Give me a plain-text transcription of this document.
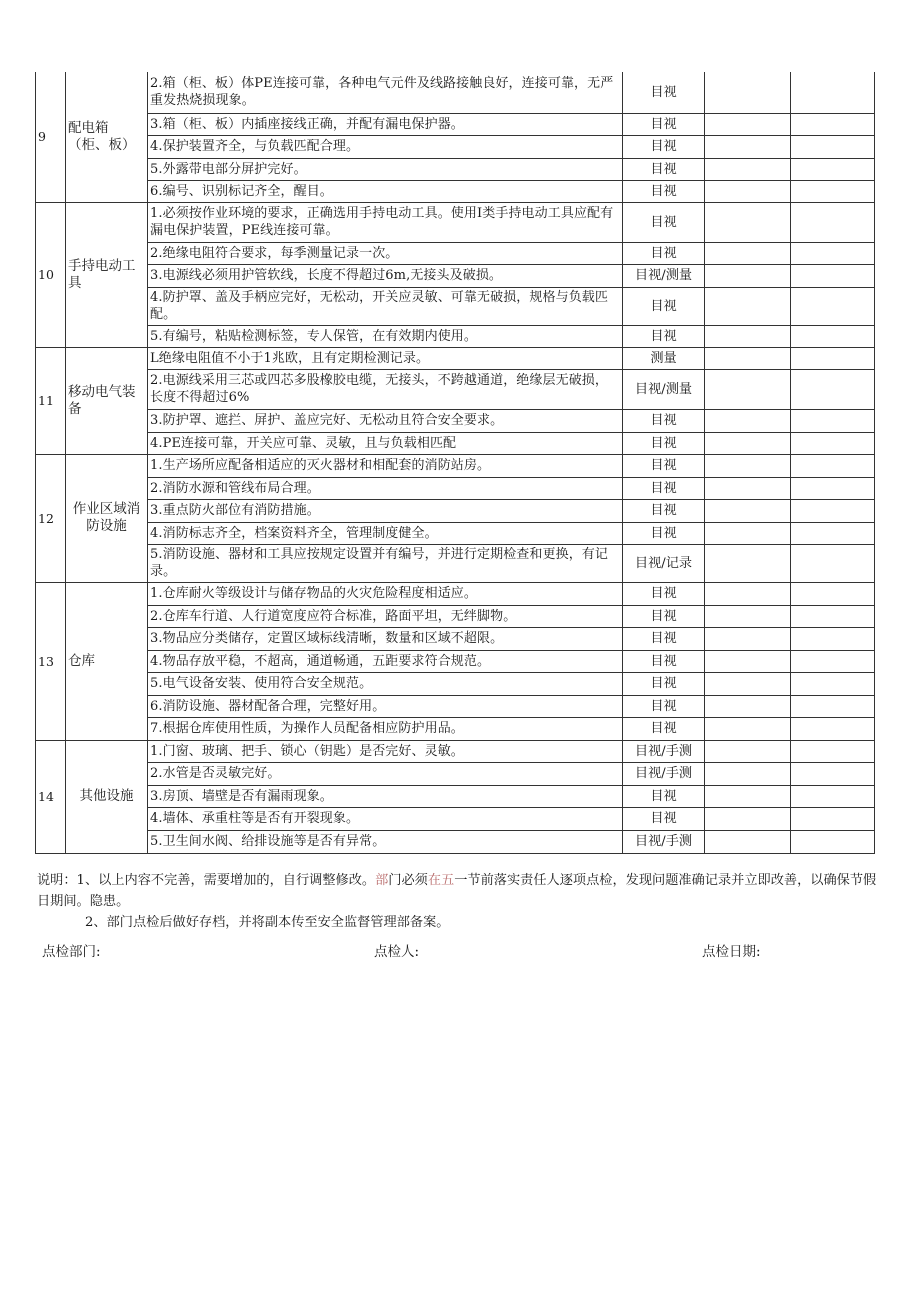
9	配电箱（柜、板）	2.箱（柜、板）体PE连接可靠，各种电气元件及线路接触良好，连接可靠，无严重发热烧损现象。	目视		
		3.箱（柜、板）内插座接线正确，并配有漏电保护器。	目视		
		4.保护装置齐全，与负载匹配合理。	目视		
		5.外露带电部分屏护完好。	目视		
		6.编号、识别标记齐全，醒目。	目视		
10	手持电动工具	1.必须按作业环境的要求，正确选用手持电动工具。使用I类手持电动工具应配有漏电保护装置，PE线连接可靠。	目视		
		2.绝缘电阻符合要求，每季测量记录一次。	目视		
		3.电源线必须用护管软线，长度不得超过6m,无接头及破损。	目视/测量		
		4.防护罩、盖及手柄应完好，无松动，开关应灵敏、可靠无破损，规格与负载匹配。	目视		
		5.有编号，粘贴检测标签，专人保管，在有效期内使用。	目视		
11	移动电气装备	L绝缘电阻值不小于1兆欧，且有定期检测记录。	测量		
		2.电源线采用三芯或四芯多股橡胶电缆，无接头，不跨越通道，绝缘层无破损，长度不得超过6%	目视/测量		
		3.防护罩、遮拦、屏护、盖应完好、无松动且符合安全要求。	目视		
		4.PE连接可靠，开关应可靠、灵敏，且与负载相匹配	目视		
12	作业区域消防设施	1.生产场所应配备相适应的灭火器材和相配套的消防站房。	目视		
		2.消防水源和管线布局合理。	目视		
		3.重点防火部位有消防措施。	目视		
		4.消防标志齐全，档案资料齐全，管理制度健全。	目视		
		5.消防设施、器材和工具应按规定设置并有编号，并进行定期检查和更换，有记录。	目视/记录		
13	仓库	1.仓库耐火等级设计与储存物品的火灾危险程度相适应。	目视		
		2.仓库车行道、人行道宽度应符合标准，路面平坦，无绊脚物。	目视		
		3.物品应分类储存，定置区域标线清晰，数量和区域不超限。	目视		
		4.物品存放平稳，不超高，通道畅通，五距要求符合规范。	目视		
		5.电气设备安装、使用符合安全规范。	目视		
		6.消防设施、器材配备合理，完整好用。	目视		
		7.根据仓库使用性质，为操作人员配备相应防护用品。	目视		
14	其他设施	1.门窗、玻璃、把手、锁心（钥匙）是否完好、灵敏。	目视/手测		
		2.水管是否灵敏完好。	目视/手测		
		3.房顶、墙壁是否有漏雨现象。	目视		
		4.墙体、承重柱等是否有开裂现象。	目视		
		5.卫生间水阀、给排设施等是否有异常。	目视/手测		

说明：1、以上内容不完善，需要增加的，自行调整修改。部门必须在五一节前落实责任人逐项点检，发现问题准确记录并立即改善，以确保节假日期间。隐患。

2、部门点检后做好存档，并将副本传至安全监督管理部备案。

点检部门:	点检人:	点检日期:
